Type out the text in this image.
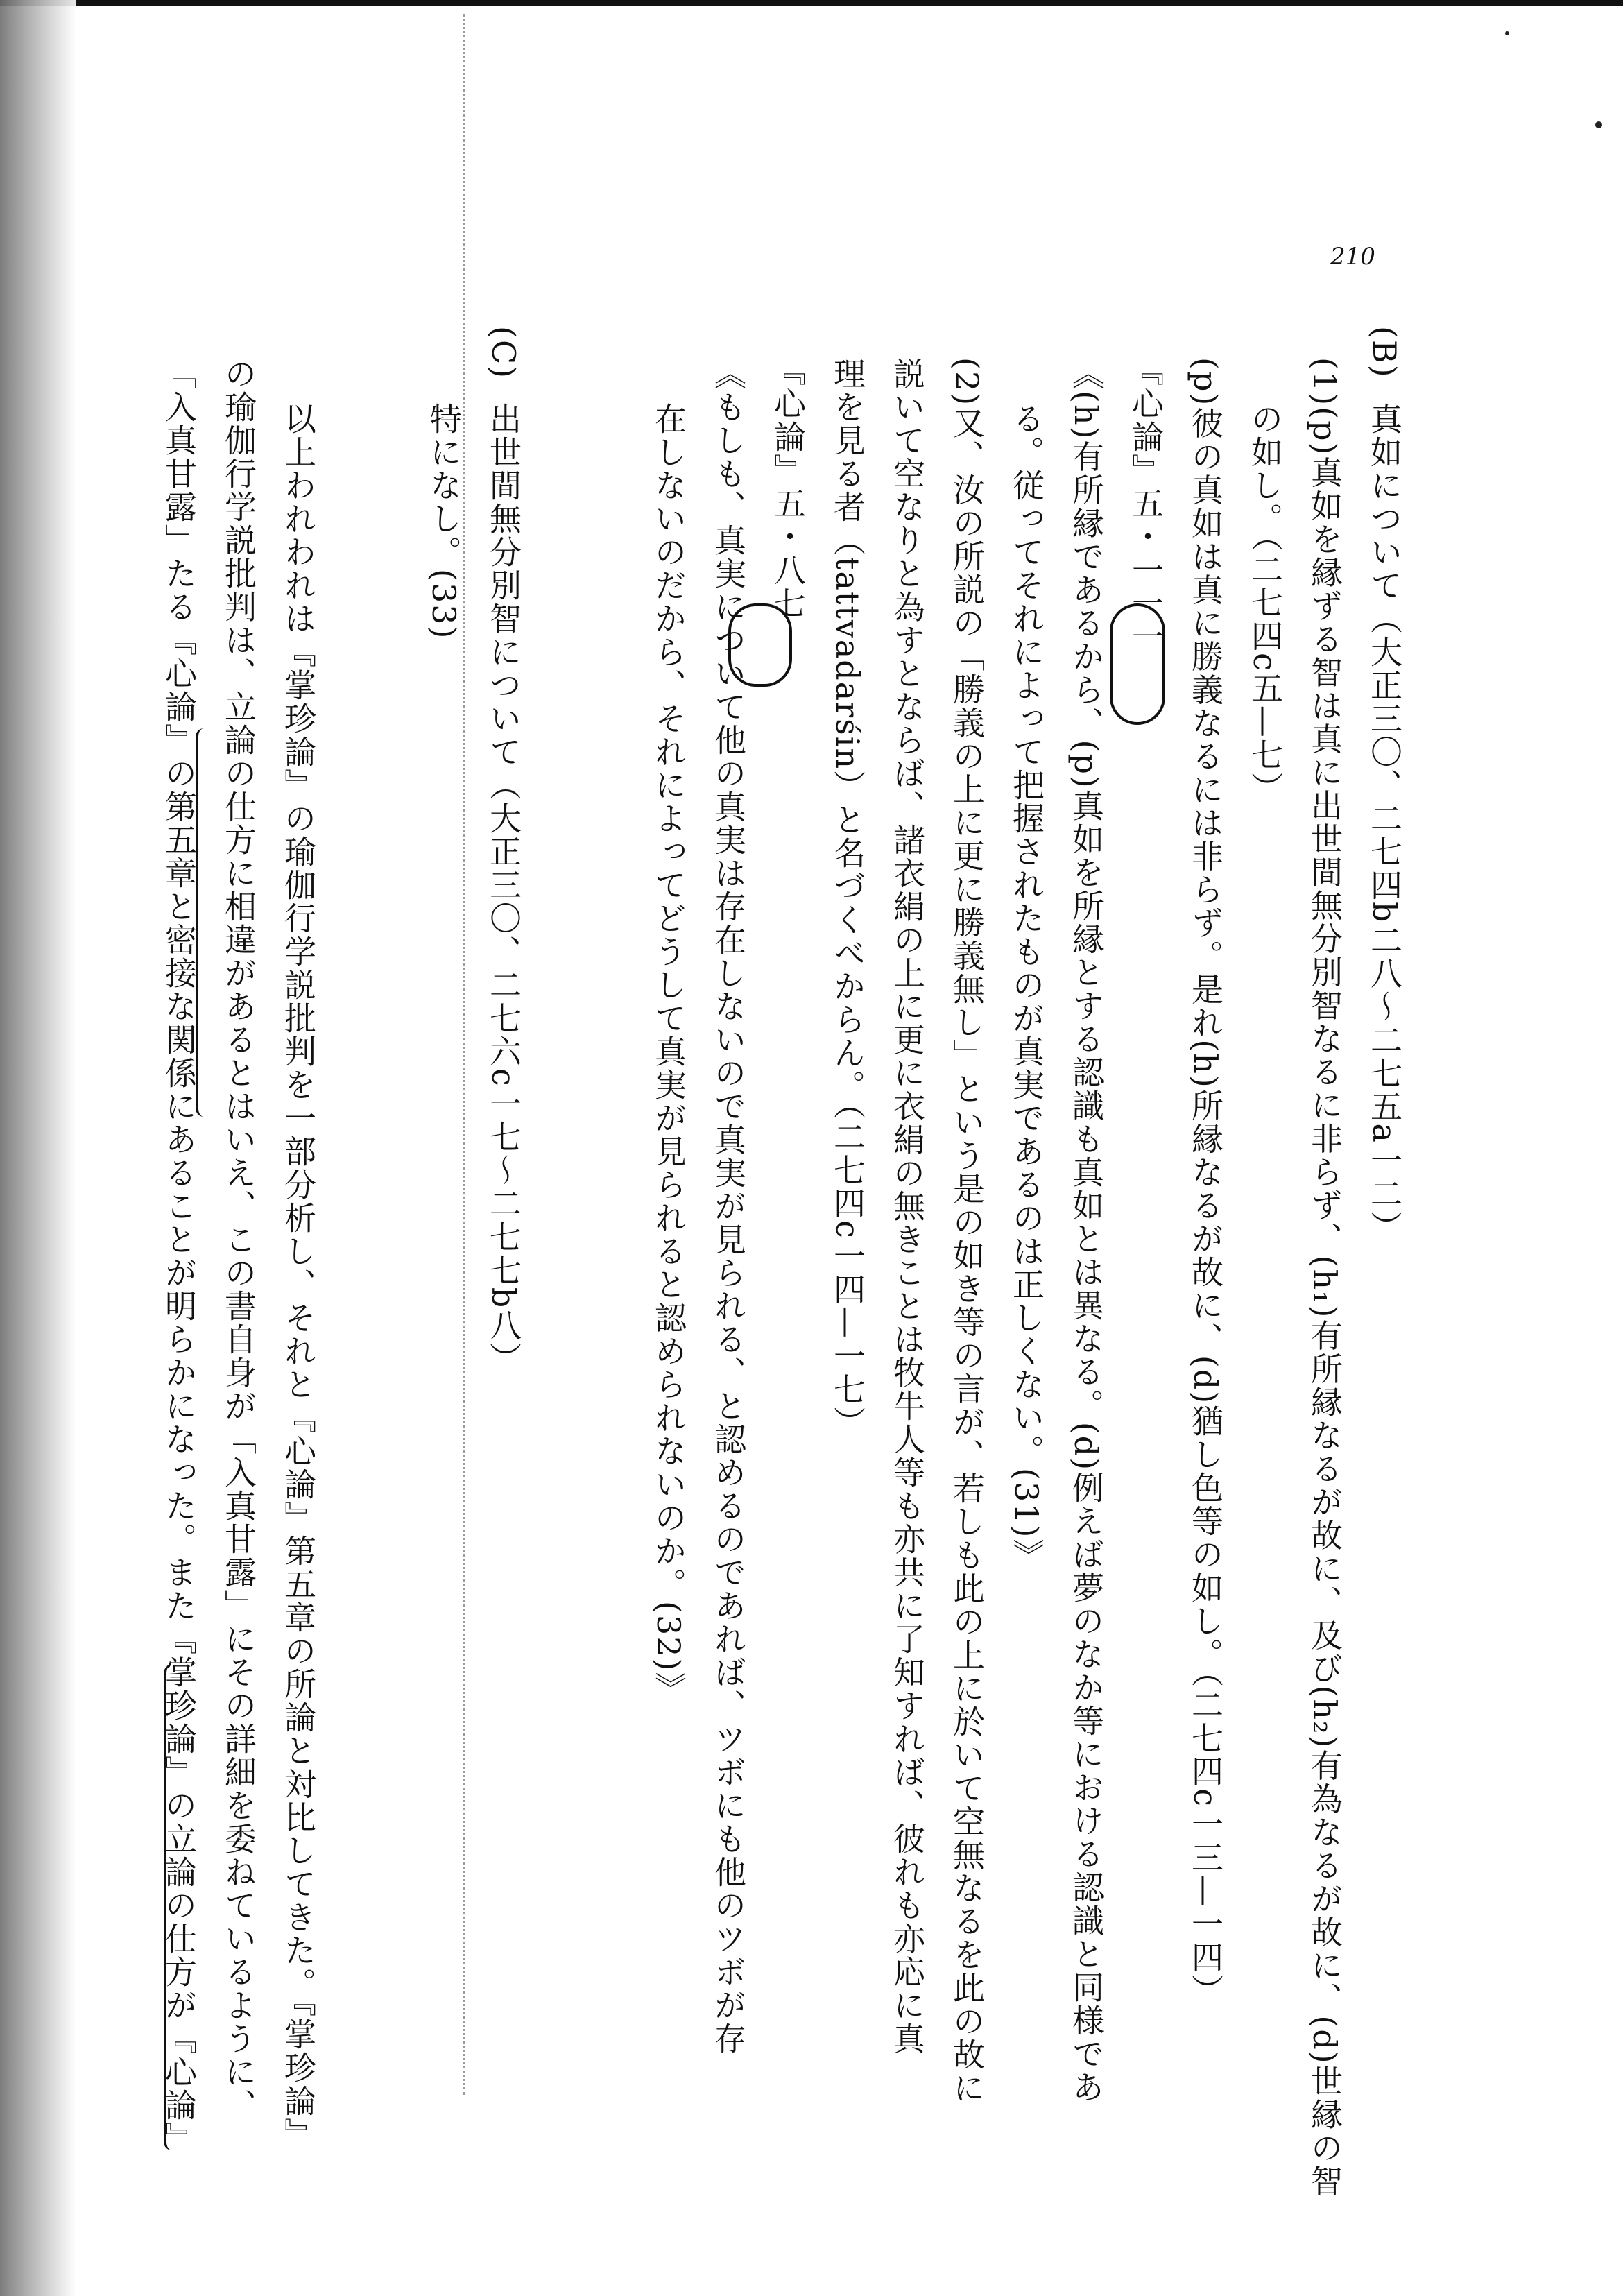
210
(B)
真如について（大正三〇、二七四b二八〜二七五a一二）
(1)(p)真如を縁ずる智は真に出世間無分別智なるに非らず、(h₁)有所縁なるが故に、及び(h₂)有為なるが故に、(d)世縁の智
の如し。（二七四c五—七）
(p)彼の真如は真に勝義なるには非らず。是れ(h)所縁なるが故に、(d)猶し色等の如し。（二七四c一三—一四）
『心論』五・一一一
《(h)有所縁であるから、(p)真如を所縁とする認識も真如とは異なる。(d)例えば夢のなか等における認識と同様であ
る。従ってそれによって把握されたものが真実であるのは正しくない。(31)》
(2)又、汝の所説の「勝義の上に更に勝義無し」という是の如き等の言が、若しも此の上に於いて空無なるを此の故に
説いて空なりと為すとならば、諸衣絹の上に更に衣絹の無きことは牧牛人等も亦共に了知すれば、彼れも亦応に真
理を見る者（tattvadarśin）と名づくべからん。（二七四c一四—一七）
『心論』五・八七
《もしも、真実について他の真実は存在しないので真実が見られる、と認めるのであれば、ツボにも他のツボが存
在しないのだから、それによってどうして真実が見られると認められないのか。(32)》
(C)
出世間無分別智について（大正三〇、二七六c一七〜二七七b八）
特になし。(33)
以上われわれは『掌珍論』の瑜伽行学説批判を一部分析し、それと『心論』第五章の所論と対比してきた。『掌珍論』
の瑜伽行学説批判は、立論の仕方に相違があるとはいえ、この書自身が「入真甘露」にその詳細を委ねているように、
「入真甘露」たる『心論』の第五章と密接な関係にあることが明らかになった。また『掌珍論』の立論の仕方が『心論』
